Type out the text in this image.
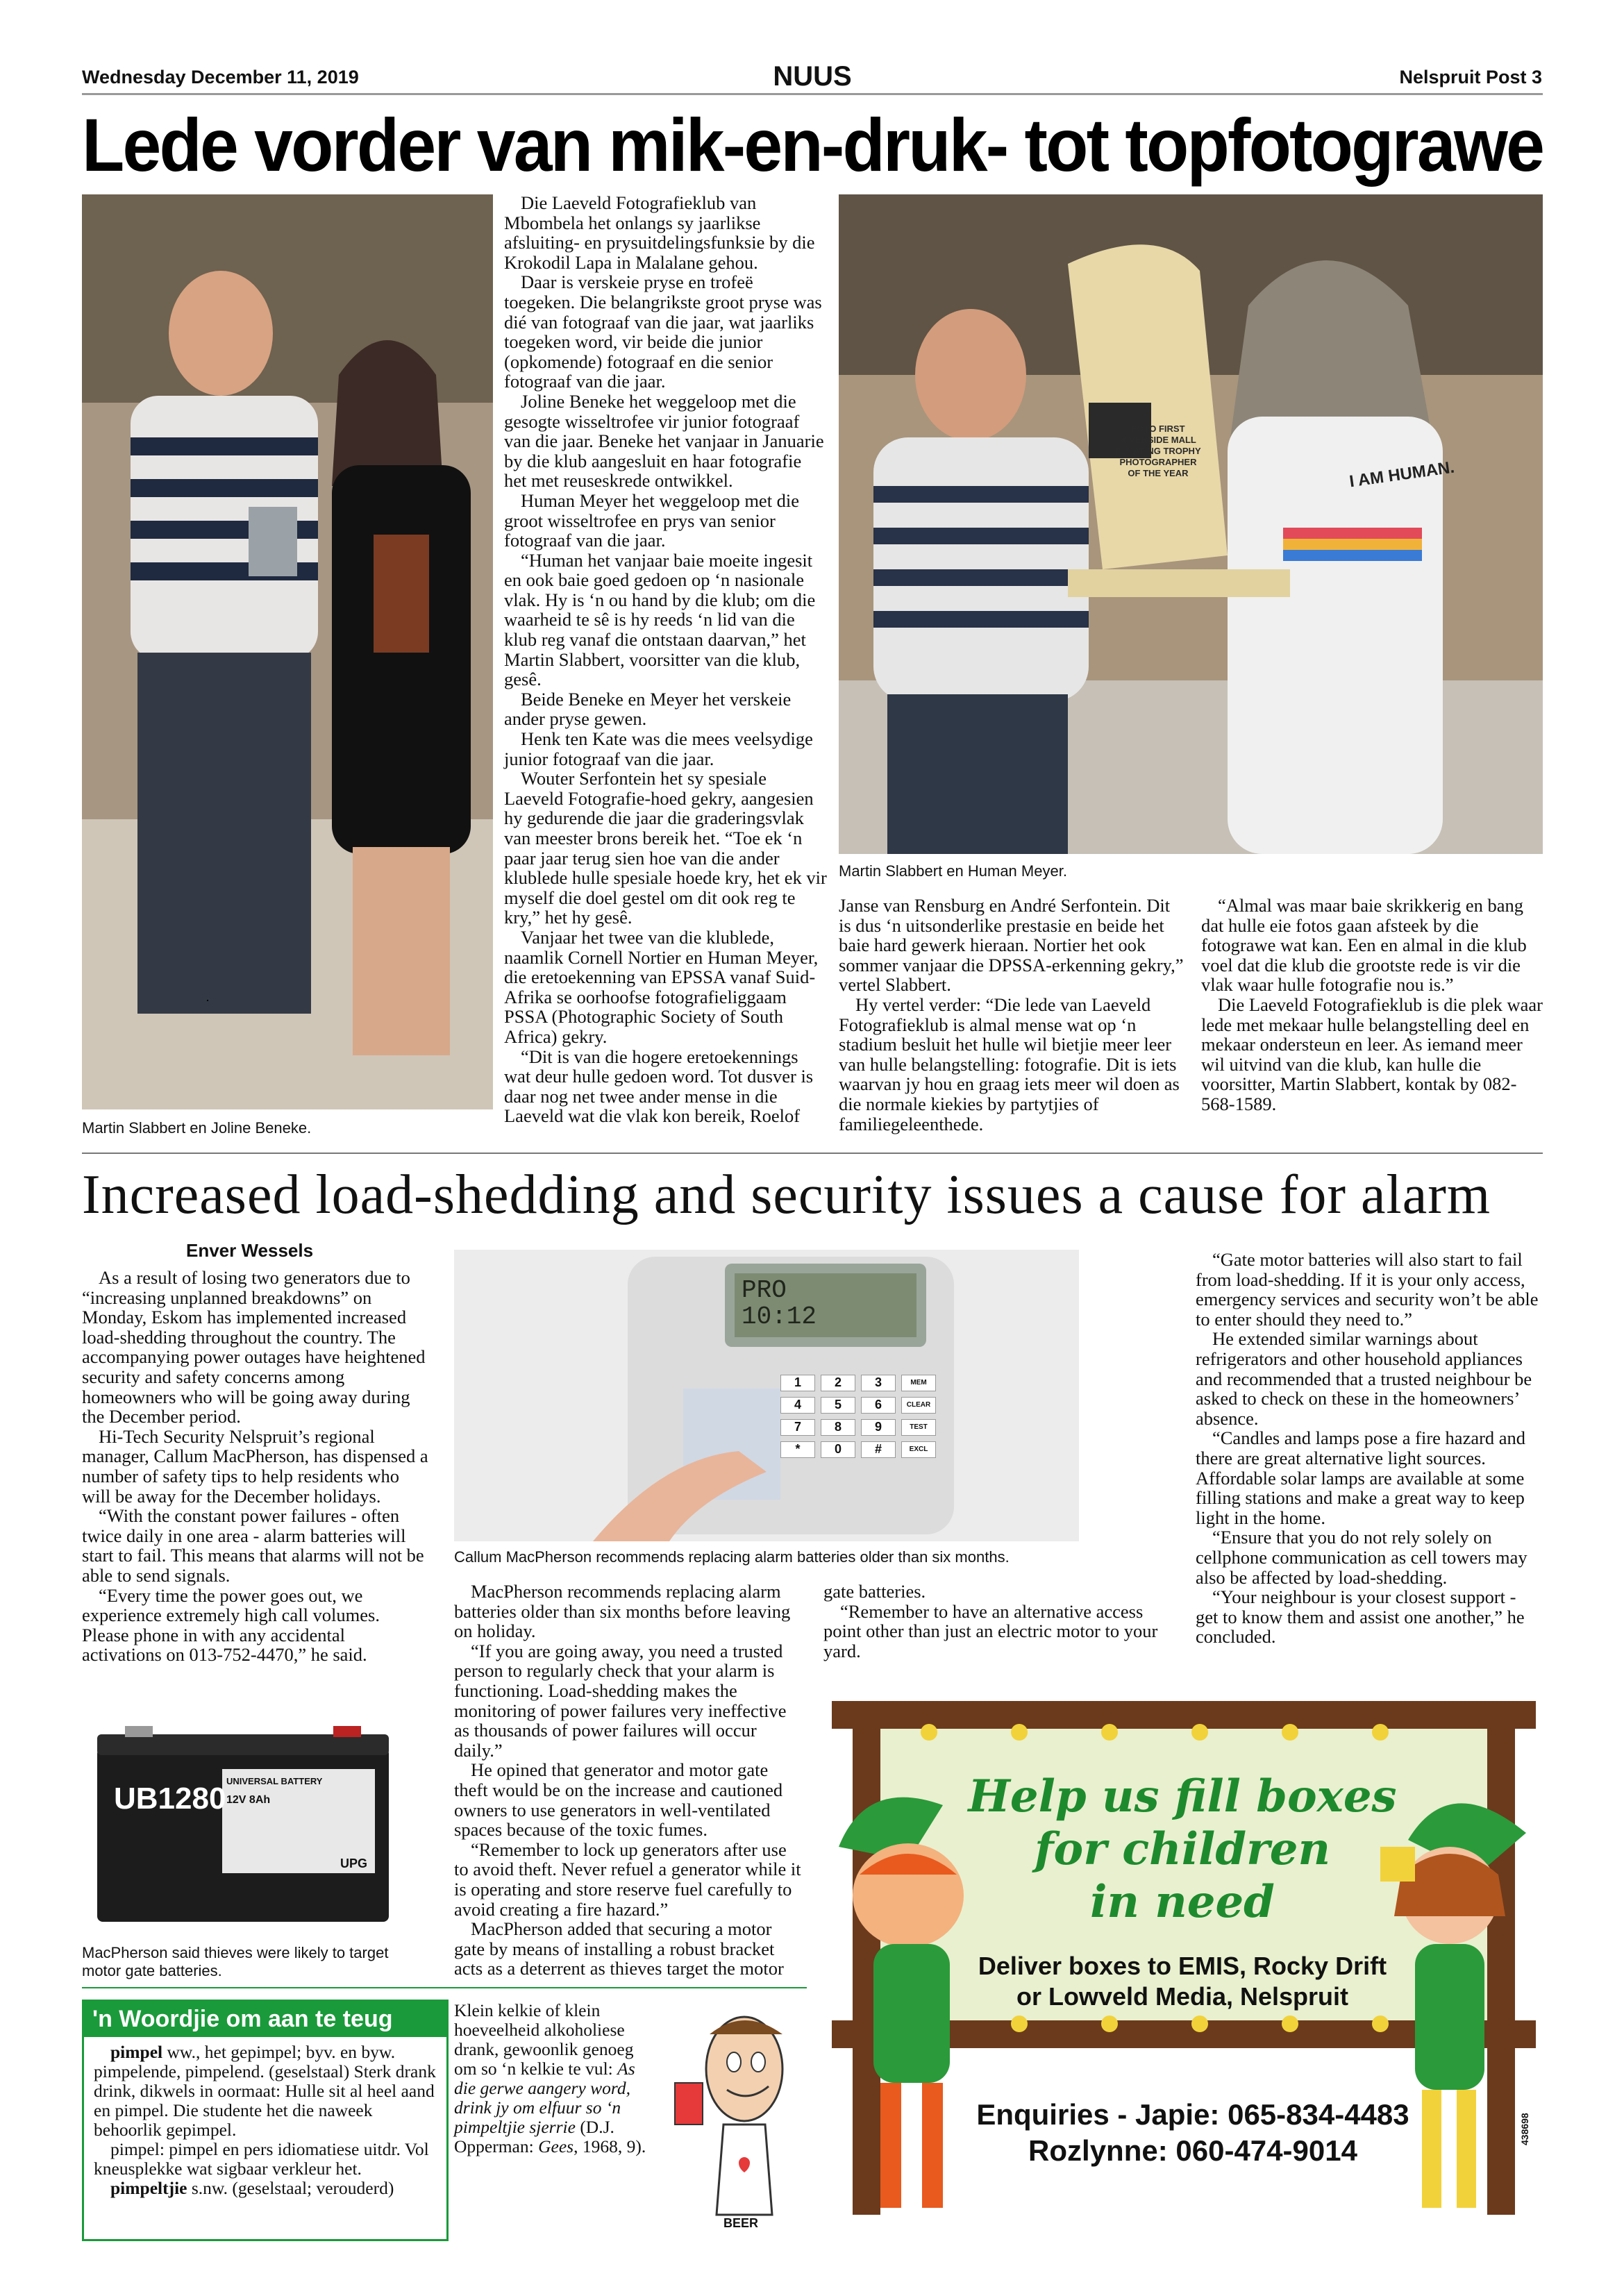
Wednesday December 11, 2019	NUUS	Nelspruit Post 3
Lede vorder van mik-en-druk- tot topfotograwe
Martin Slabbert en Joline Beneke.

Die Laeveld Fotografieklub van Mbombela het onlangs sy jaarlikse afsluiting- en prysuitdelingsfunksie by die Krokodil Lapa in Malalane gehou.

Daar is verskeie pryse en trofeë toegeken. Die belangrikste groot pryse was dié van fotograaf van die jaar, wat jaarliks toegeken word, vir beide die junior (opkomende) fotograaf en die senior fotograaf van die jaar.

Joline Beneke het weggeloop met die gesogte wisseltrofee vir junior fotograaf van die jaar. Beneke het vanjaar in Januarie by die klub aangesluit en haar fotografie het met reuseskrede ontwikkel.

Human Meyer het weggeloop met die groot wisseltrofee en prys van senior fotograaf van die jaar.

“Human het vanjaar baie moeite ingesit en ook baie goed gedoen op ‘n nasionale vlak. Hy is ‘n ou hand by die klub; om die waarheid te sê is hy reeds ‘n lid van die klub reg vanaf die ontstaan daarvan,” het Martin Slabbert, voorsitter van die klub, gesê.

Beide Beneke en Meyer het verskeie ander pryse gewen.

Henk ten Kate was die mees veelsydige junior fotograaf van die jaar.

Wouter Serfontein het sy spesiale Laeveld Fotografie-hoed gekry, aangesien hy gedurende die jaar die graderingsvlak van meester brons bereik het. “Toe ek ‘n paar jaar terug sien hoe van die ander klublede hulle spesiale hoede kry, het ek vir myself die doel gestel om dit ook reg te kry,” het hy gesê.

Vanjaar het twee van die klublede, naamlik Cornell Nortier en Human Meyer, die eretoekenning van EPSSA vanaf Suid-Afrika se oorhoofse fotografieliggaam PSSA (Photographic Society of South Africa) gekry.

“Dit is van die hogere eretoekennings wat deur hulle gedoen word. Tot dusver is daar nog net twee ander mense in die Laeveld wat die vlak kon bereik, Roelof

FOTO FIRST RIVERSIDE MALL FLOATING TROPHY PHOTOGRAPHER OF THE YEAR	I AM HUMAN.
Martin Slabbert en Human Meyer.

Janse van Rensburg en André Serfontein. Dit is dus ‘n uitsonderlike prestasie en beide het baie hard gewerk hieraan. Nortier het ook sommer vanjaar die DPSSA-erkenning gekry,” vertel Slabbert.

Hy vertel verder: “Die lede van Laeveld Fotografieklub is almal mense wat op ‘n stadium besluit het hulle wil bietjie meer leer van hulle belangstelling: fotografie. Dit is iets waarvan jy hou en graag iets meer wil doen as die normale kiekies by partytjies of familiegeleenthede.

“Almal was maar baie skrikkerig en bang dat hulle eie fotos gaan afsteek by die fotograwe wat kan. Een en almal in die klub voel dat die klub die grootste rede is vir die vlak waar hulle fotografie nou is.”

Die Laeveld Fotografieklub is die plek waar lede met mekaar hulle belangstelling deel en mekaar ondersteun en leer. As iemand meer wil uitvind van die klub, kan hulle die voorsitter, Martin Slabbert, kontak by 082-568-1589.

Increased load-shedding and security issues a cause for alarm
Enver Wessels

As a result of losing two generators due to “increasing unplanned breakdowns” on Monday, Eskom has implemented increased load-shedding throughout the country. The accompanying power outages have heightened security and safety concerns among homeowners who will be going away during the December period.

Hi-Tech Security Nelspruit’s regional manager, Callum MacPherson, has dispensed a number of safety tips to help residents who will be away for the December holidays.

“With the constant power failures - often twice daily in one area - alarm batteries will start to fail. This means that alarms will not be able to send signals.

“Every time the power goes out, we experience extremely high call volumes. Please phone in with any accidental activations on 013-752-4470,” he said.

UB1280
UNIVERSAL BATTERY
12V 8Ah
UPG
MacPherson said thieves were likely to target motor gate batteries.
PRO
10:12
1	2	3	MEM
4	5	6	CLEAR
7	8	9	TEST
*	0	#	EXCL
Callum MacPherson recommends replacing alarm batteries older than six months.

MacPherson recommends replacing alarm batteries older than six months before leaving on holiday.

“If you are going away, you need a trusted person to regularly check that your alarm is functioning. Load-shedding makes the monitoring of power failures very ineffective as thousands of power failures will occur daily.”

He opined that generator and motor gate theft would be on the increase and cautioned owners to use generators in well-ventilated spaces because of the toxic fumes.

“Remember to lock up generators after use to avoid theft. Never refuel a generator while it is operating and store reserve fuel carefully to avoid creating a fire hazard.”

MacPherson added that securing a motor gate by means of installing a robust bracket acts as a deterrent as thieves target the motor

gate batteries.

“Remember to have an alternative access point other than just an electric motor to your yard.

“Gate motor batteries will also start to fail from load-shedding. If it is your only access, emergency services and security won’t be able to enter should they need to.”

He extended similar warnings about refrigerators and other household appliances and recommended that a trusted neighbour be asked to check on these in the homeowners’ absence.

“Candles and lamps pose a fire hazard and there are great alternative light sources. Affordable solar lamps are available at some filling stations and make a great way to keep light in the home.

“Ensure that you do not rely solely on cellphone communication as cell towers may also be affected by load-shedding.

“Your neighbour is your closest support - get to know them and assist one another,” he concluded.

'n Woordjie om aan te teug

pimpel ww., het gepimpel; byv. en byw. pimpelende, pimpelend. (geselstaal) Sterk drank drink, dikwels in oormaat: Hulle sit al heel aand en pimpel. Die studente het die naweek behoorlik gepimpel.

pimpel: pimpel en pers idiomatiese uitdr. Vol kneusplekke wat sigbaar verkleur het.

pimpeltjie s.nw. (geselstaal; verouderd)

Klein kelkie of klein hoeveelheid alkoholiese drank, gewoonlik genoeg om so ‘n kelkie te vul: As die gerwe aangery word, drink jy om elfuur so ‘n pimpeltjie sjerrie (D.J. Opperman: Gees, 1968, 9).
BEER
Help us fill boxes
for children
in need
Deliver boxes to EMIS, Rocky Drift
or Lowveld Media, Nelspruit
Enquiries - Japie: 065-834-4483
Rozlynne: 060-474-9014
438698
